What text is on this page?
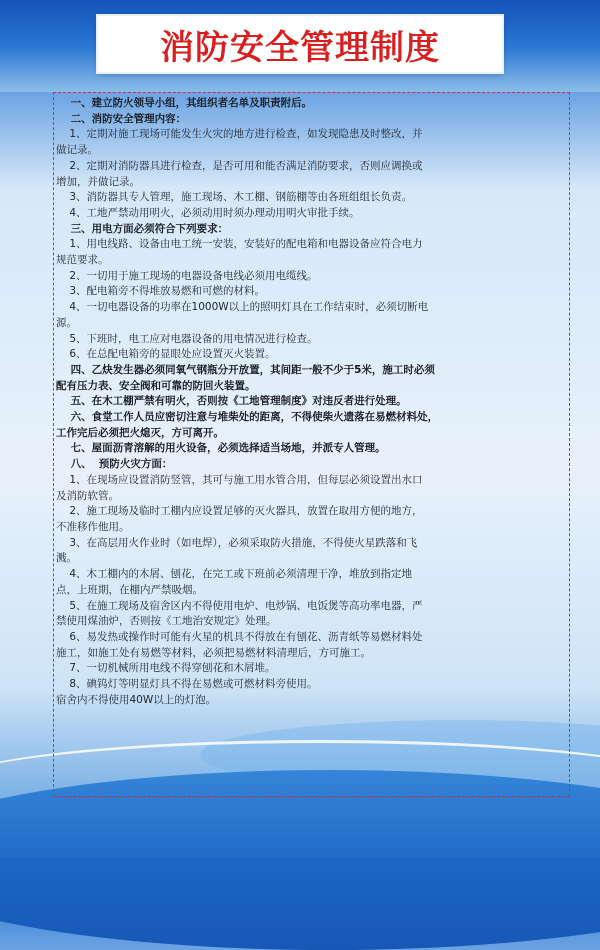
消防安全管理制度

一、建立防火领导小组，其组织者名单及职责附后。

二、消防安全管理内容：

1、定期对施工现场可能发生火灾的地方进行检查，如发现隐患及时整改，并

做记录。

2、定期对消防器具进行检查，是否可用和能否满足消防要求，否则应调换或

增加，并做记录。

3、消防器具专人管理，施工现场、木工棚、钢筋棚等由各班组组长负责。

4、工地严禁动用明火，必须动用时须办理动用明火审批手续。

三、用电方面必须符合下列要求：

1、用电线路、设备由电工统一安装，安装好的配电箱和电器设备应符合电力

规范要求。

2、一切用于施工现场的电器设备电线必须用电缆线。

3、配电箱旁不得堆放易燃和可燃的材料。

4、一切电器设备的功率在1000W以上的照明灯具在工作结束时，必须切断电

源。

5、下班时，电工应对电器设备的用电情况进行检查。

6、在总配电箱旁的显眼处应设置灭火装置。

四、乙炔发生器必须同氧气钢瓶分开放置，其间距一般不少于5米，施工时必须

配有压力表、安全阀和可靠的防回火装置。

五、在木工棚严禁有明火，否则按《工地管理制度》对违反者进行处理。

六、食堂工作人员应密切注意与堆柴处的距离，不得使柴火遗落在易燃材料处，

工作完后必须把火熄灭，方可离开。

七、屋面沥青溶解的用火设备，必须选择适当场地，并派专人管理。

八、  预防火灾方面：

1、在现场应设置消防竖管，其可与施工用水管合用，但每层必须设置出水口

及消防软管。

2、施工现场及临时工棚内应设置足够的灭火器具，放置在取用方便的地方，

不准移作他用。

3、在高层用火作业时（如电焊），必须采取防火措施，不得使火星跌落和飞

溅。

4、木工棚内的木屑、刨花，在完工或下班前必须清理干净，堆放到指定地

点，上班期，在棚内严禁吸烟。

5、在施工现场及宿舍区内不得使用电炉、电炒锅、电饭煲等高功率电器，严

禁使用煤油炉，否则按《工地治安规定》处理。

6、易发热或操作时可能有火星的机具不得放在有刨花、沥青纸等易燃材料处

施工，如施工处有易燃等材料，必须把易燃材料清理后，方可施工。

7、一切机械所用电线不得穿刨花和木屑堆。

8、碘钨灯等明显灯具不得在易燃或可燃材料旁使用。

宿舍内不得使用40W以上的灯泡。
